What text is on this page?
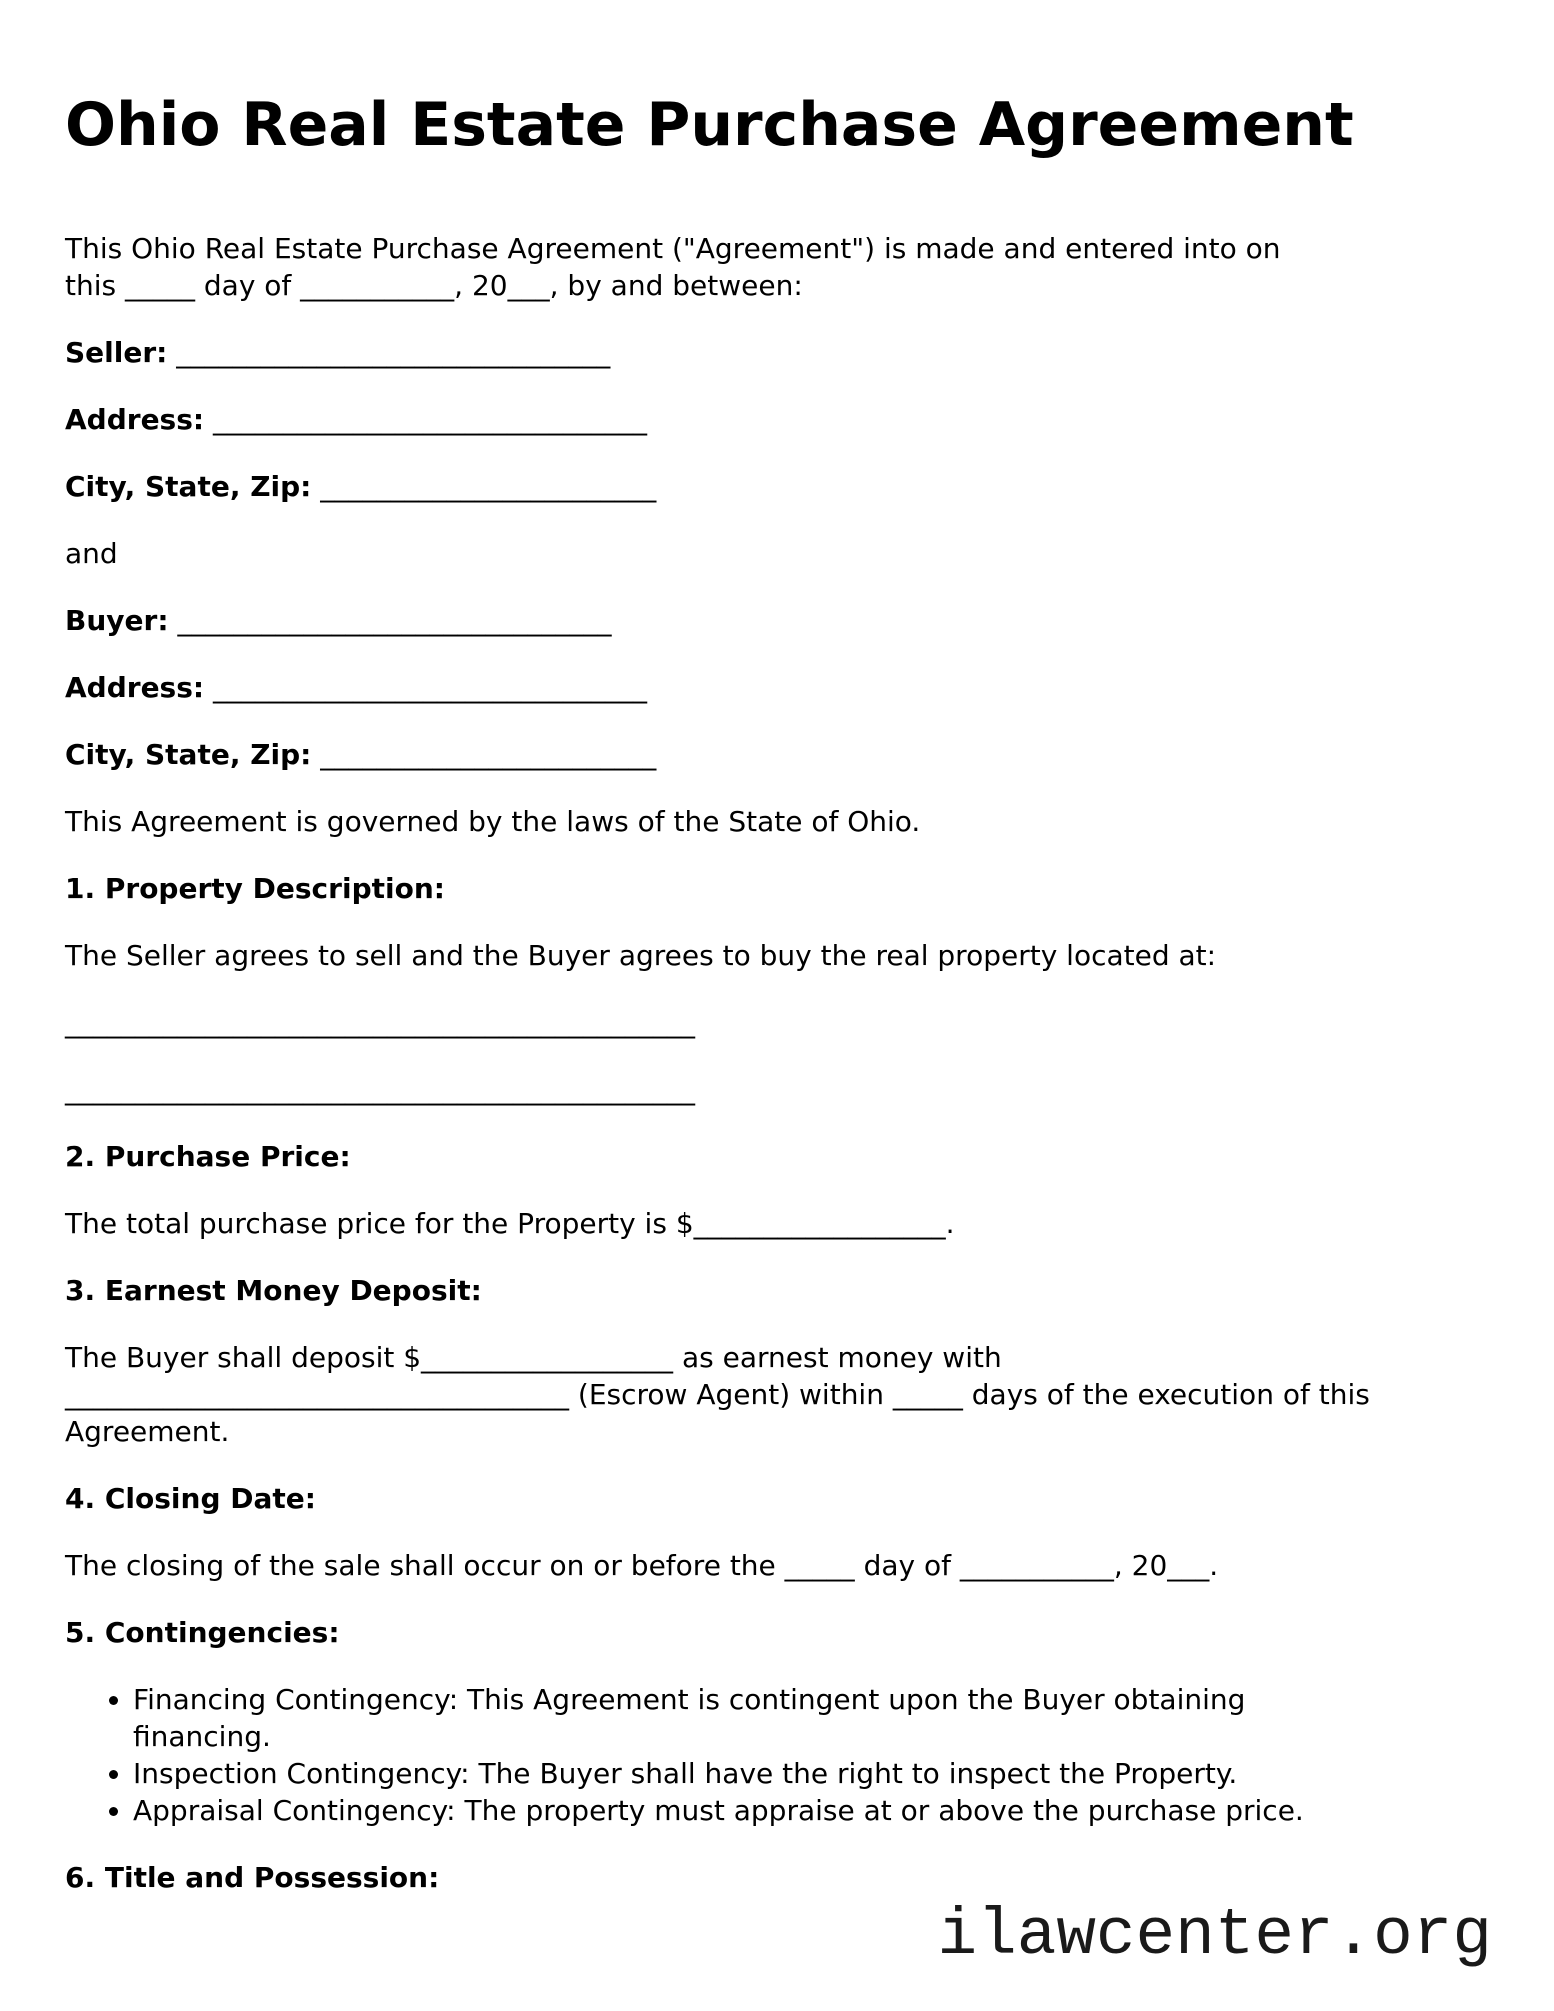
Ohio Real Estate Purchase Agreement

This Ohio Real Estate Purchase Agreement ("Agreement") is made and entered into on
this _____ day of ___________, 20___, by and between:

Seller: _______________________________

Address: _______________________________

City, State, Zip: ________________________

and

Buyer: _______________________________

Address: _______________________________

City, State, Zip: ________________________

This Agreement is governed by the laws of the State of Ohio.

1. Property Description:

The Seller agrees to sell and the Buyer agrees to buy the real property located at:

_____________________________________________

_____________________________________________

2. Purchase Price:

The total purchase price for the Property is $__________________.

3. Earnest Money Deposit:

The Buyer shall deposit $__________________ as earnest money with
____________________________________ (Escrow Agent) within _____ days of the execution of this
Agreement.

4. Closing Date:

The closing of the sale shall occur on or before the _____ day of ___________, 20___.

5. Contingencies:

• Financing Contingency: This Agreement is contingent upon the Buyer obtaining
financing.
• Inspection Contingency: The Buyer shall have the right to inspect the Property.
• Appraisal Contingency: The property must appraise at or above the purchase price.

6. Title and Possession:

ilawcenter.org
